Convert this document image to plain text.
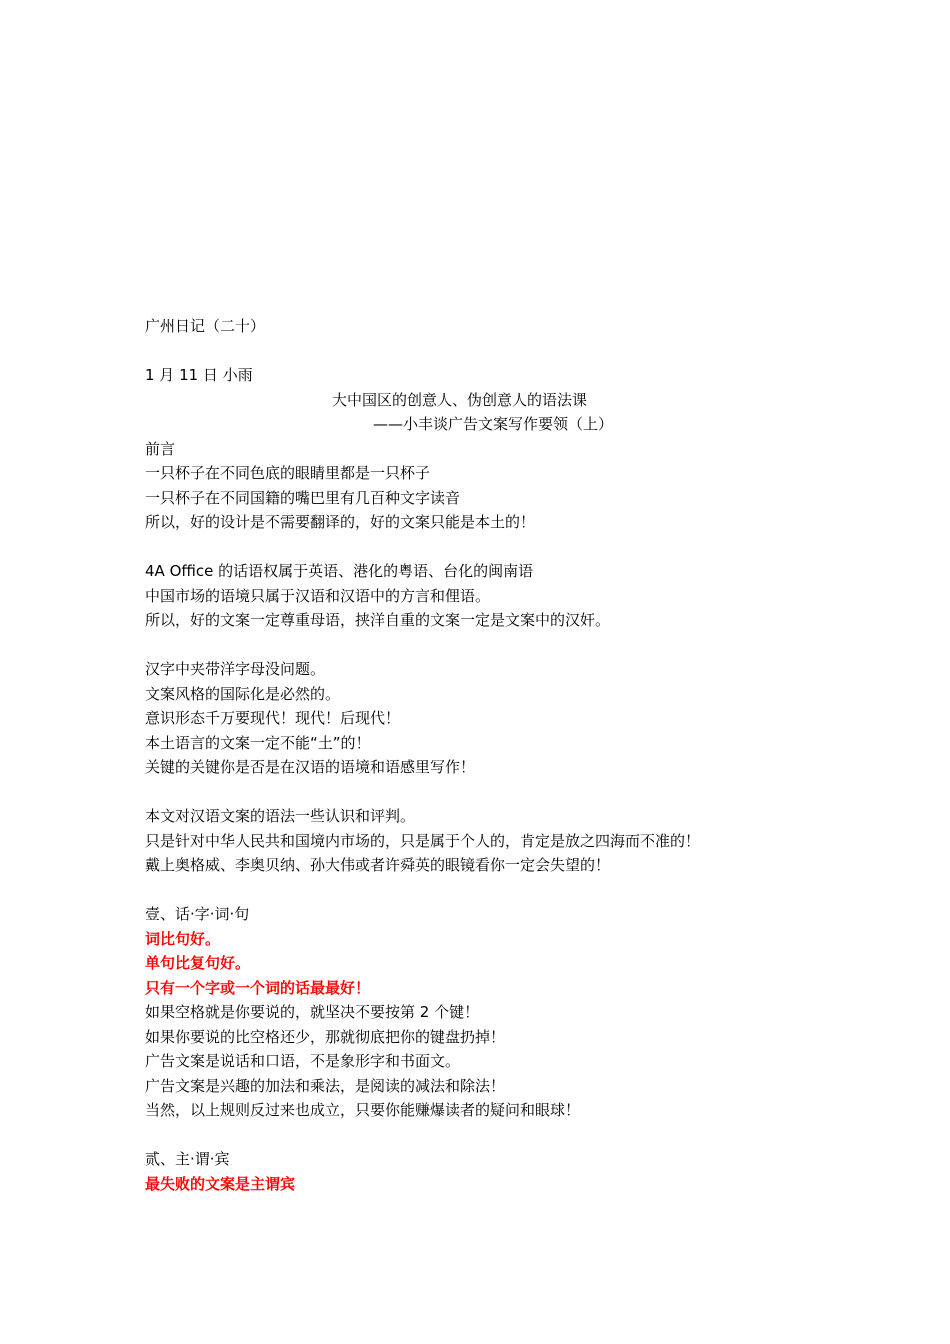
广州日记（二十）
1 月 11 日 小雨
大中国区的创意人、伪创意人的语法课
——小丰谈广告文案写作要领（上）
前言
一只杯子在不同色底的眼睛里都是一只杯子
一只杯子在不同国籍的嘴巴里有几百种文字读音
所以，好的设计是不需要翻译的，好的文案只能是本土的！
4A Office 的话语权属于英语、港化的粤语、台化的闽南语
中国市场的语境只属于汉语和汉语中的方言和俚语。
所以，好的文案一定尊重母语，挟洋自重的文案一定是文案中的汉奸。
汉字中夹带洋字母没问题。
文案风格的国际化是必然的。
意识形态千万要现代！现代！后现代！
本土语言的文案一定不能“土”的！
关键的关键你是否是在汉语的语境和语感里写作！
本文对汉语文案的语法一些认识和评判。
只是针对中华人民共和国境内市场的，只是属于个人的，肯定是放之四海而不准的！
戴上奥格威、李奥贝纳、孙大伟或者许舜英的眼镜看你一定会失望的！
壹、话·字·词·句
词比句好。
单句比复句好。
只有一个字或一个词的话最最好！
如果空格就是你要说的，就坚决不要按第 2 个键！
如果你要说的比空格还少，那就彻底把你的键盘扔掉！
广告文案是说话和口语，不是象形字和书面文。
广告文案是兴趣的加法和乘法，是阅读的减法和除法！
当然，以上规则反过来也成立，只要你能赚爆读者的疑问和眼球！
贰、主·谓·宾
最失败的文案是主谓宾
